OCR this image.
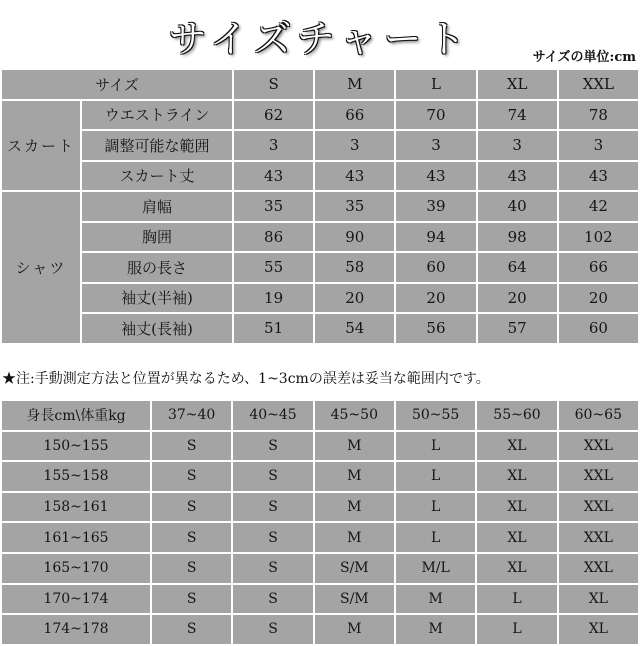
サイズチャート	サイズの単位:cm
サイズ		S	M	L	XL	XXL
スカート	ウエストライン	62	66	70	74	78
	調整可能な範囲	3	3	3	3	3
	スカート丈	43	43	43	43	43
シャツ	肩幅	35	35	39	40	42
	胸囲	86	90	94	98	102
	服の長さ	55	58	60	64	66
	袖丈(半袖)	19	20	20	20	20
	袖丈(長袖)	51	54	56	57	60
★注:手動測定方法と位置が異なるため、1~3cmの誤差は妥当な範囲内です。
身長cm\体重kg	37~40	40~45	45~50	50~55	55~60	60~65
150~155	S	S	M	L	XL	XXL
155~158	S	S	M	L	XL	XXL
158~161	S	S	M	L	XL	XXL
161~165	S	S	M	L	XL	XXL
165~170	S	S	S/M	M/L	XL	XXL
170~174	S	S	S/M	M	L	XL
174~178	S	S	M	M	L	XL
